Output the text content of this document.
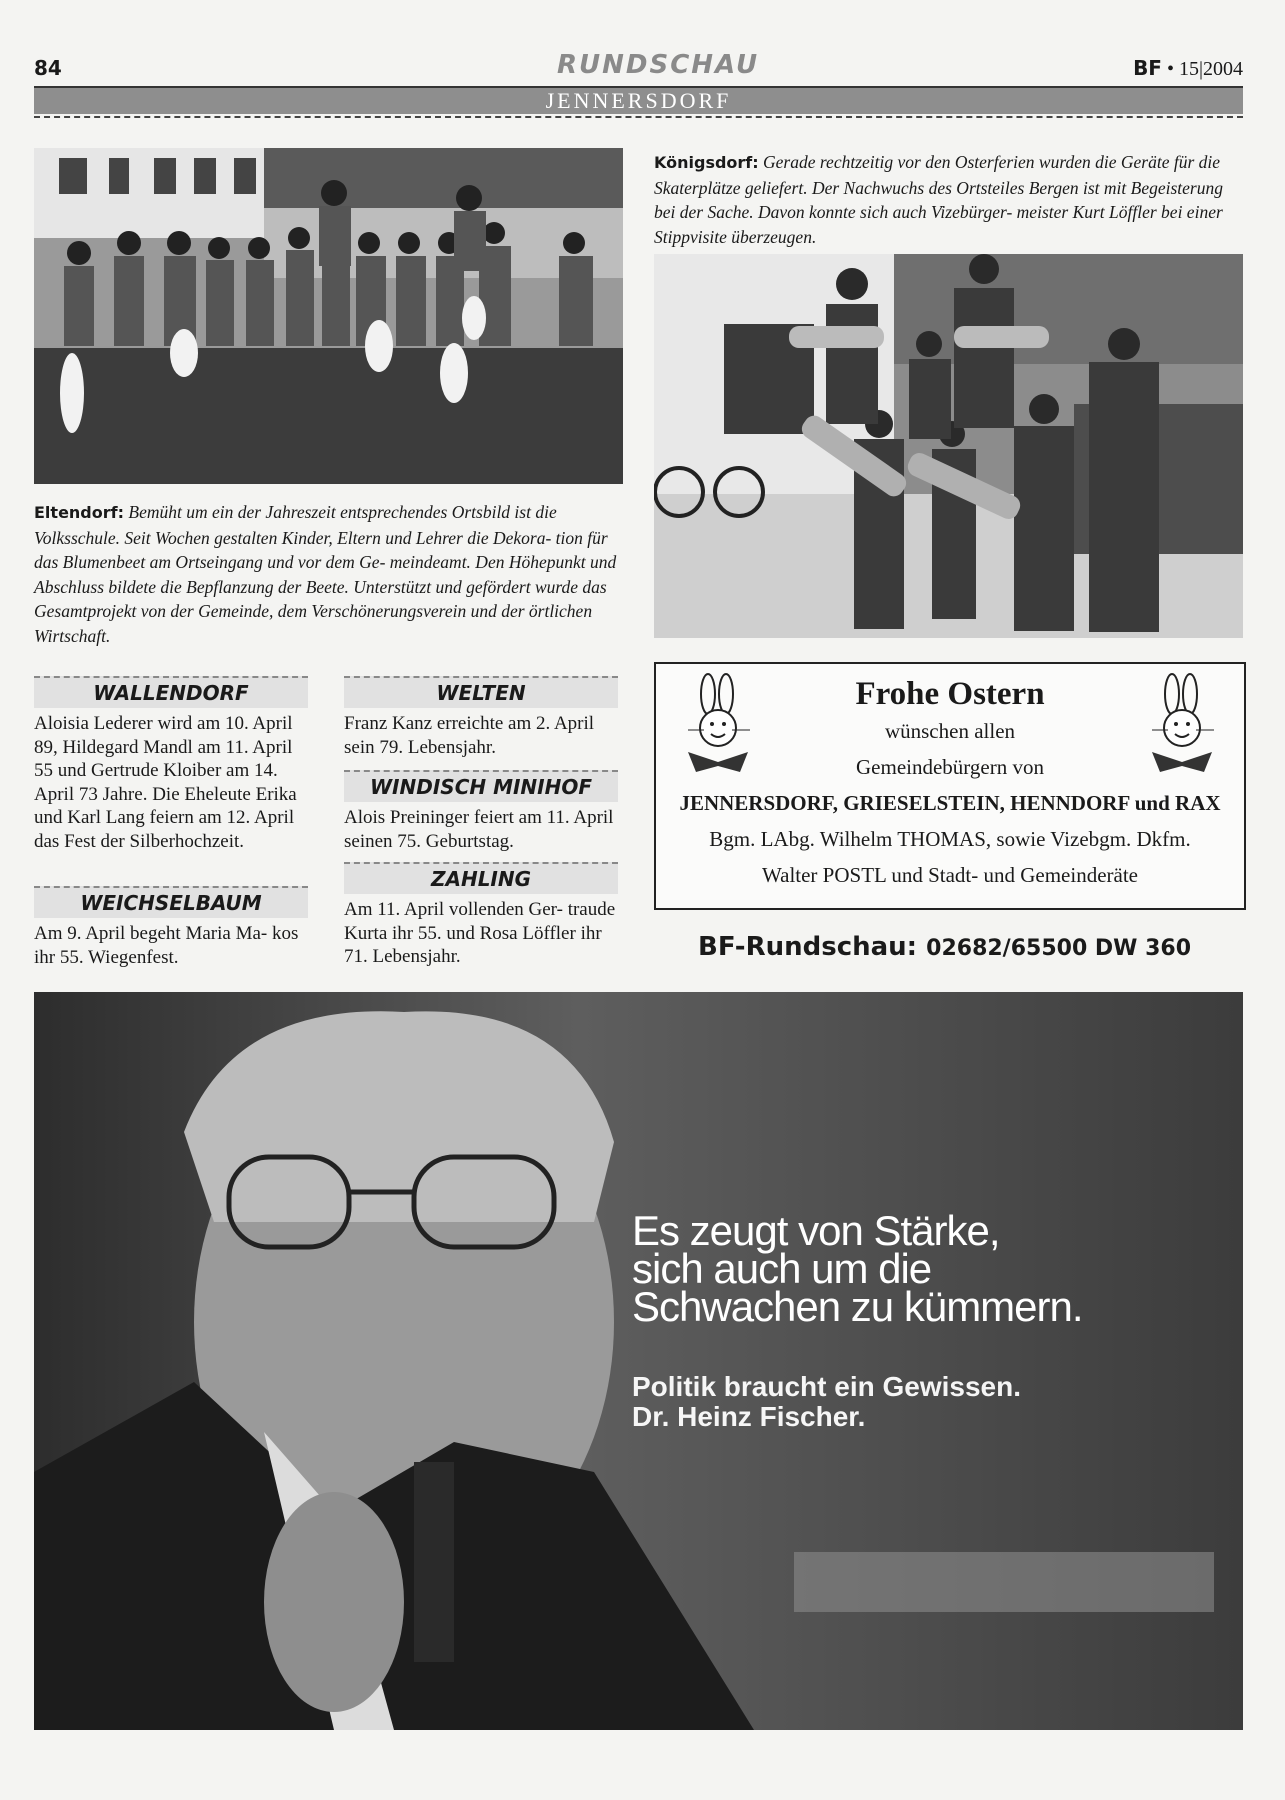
84	RUNDSCHAU	BF • 15|2004
JENNERSDORF
Eltendorf: Bemüht um ein der Jahreszeit entsprechendes Ortsbild ist die Volksschule. Seit Wochen gestalten Kinder, Eltern und Lehrer die Dekora- tion für das Blumenbeet am Ortseingang und vor dem Ge- meindeamt. Den Höhepunkt und Abschluss bildete die Bepflanzung der Beete. Unterstützt und gefördert wurde das Gesamtprojekt von der Gemeinde, dem Verschönerungsverein und der örtlichen Wirtschaft.
Königsdorf: Gerade rechtzeitig vor den Osterferien wurden die Geräte für die Skaterplätze geliefert. Der Nachwuchs des Ortsteiles Bergen ist mit Begeisterung bei der Sache. Davon konnte sich auch Vizebürger- meister Kurt Löffler bei einer Stippvisite überzeugen.
WALLENDORF
Aloisia Lederer wird am 10. April 89, Hildegard Mandl am 11. April 55 und Gertrude Kloiber am 14. April 73 Jahre. Die Eheleute Erika und Karl Lang feiern am 12. April das Fest der Silberhochzeit.
WEICHSELBAUM
Am 9. April begeht Maria Ma- kos ihr 55. Wiegenfest.
WELTEN
Franz Kanz erreichte am 2. April sein 79. Lebensjahr.
WINDISCH MINIHOF
Alois Preininger feiert am 11. April seinen 75. Geburtstag.
ZAHLING
Am 11. April vollenden Ger- traude Kurta ihr 55. und Rosa Löffler ihr 71. Lebensjahr.
Frohe Ostern
wünschen allen
Gemeindebürgern von
JENNERSDORF, GRIESELSTEIN, HENNDORF und RAX
Bgm. LAbg. Wilhelm THOMAS, sowie Vizebgm. Dkfm.
Walter POSTL und Stadt- und Gemeinderäte
BF-Rundschau: 02682/65500 DW 360
Es zeugt von Stärke,
sich auch um die
Schwachen zu kümmern.
Politik braucht ein Gewissen.
Dr. Heinz Fischer.
